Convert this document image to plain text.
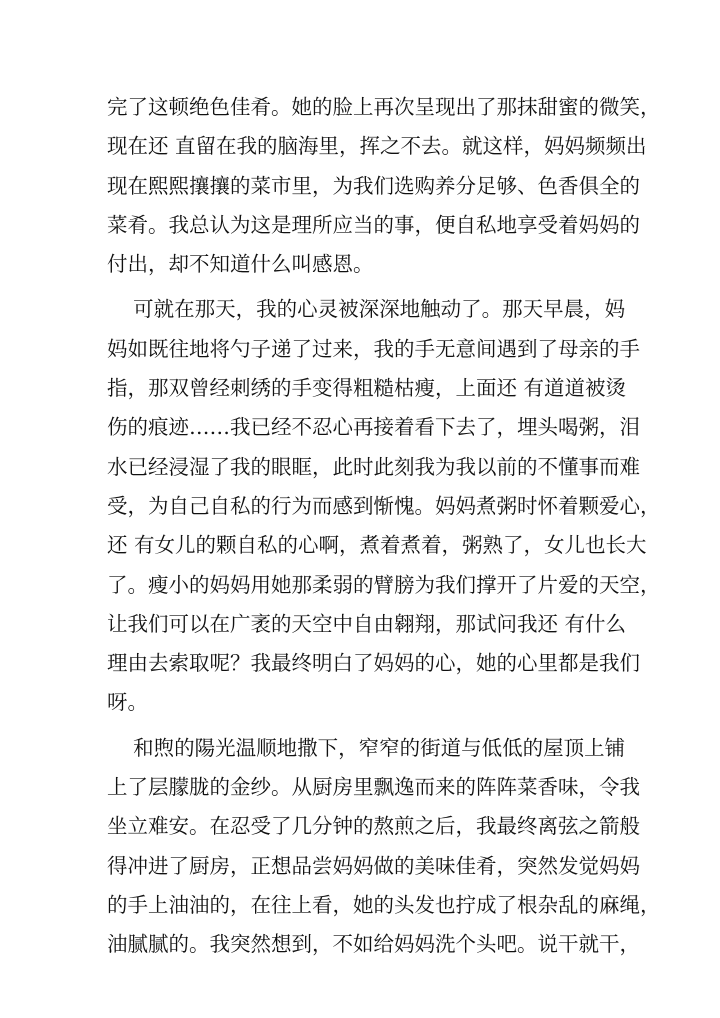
完了这顿绝色佳肴。她的脸上再次呈现出了那抹甜蜜的微笑，
现在还 直留在我的脑海里，挥之不去。就这样，妈妈频频出
现在熙熙攘攘的菜市里，为我们选购养分足够、色香俱全的
菜肴。我总认为这是理所应当的事，便自私地享受着妈妈的
付出，却不知道什么叫感恩。
可就在那天，我的心灵被深深地触动了。那天早晨，妈
妈如既往地将勺子递了过来，我的手无意间遇到了母亲的手
指，那双曾经刺绣的手变得粗糙枯瘦，上面还 有道道被烫
伤的痕迹……我已经不忍心再接着看下去了，埋头喝粥，泪
水已经浸湿了我的眼眶，此时此刻我为我以前的不懂事而难
受，为自己自私的行为而感到惭愧。妈妈煮粥时怀着颗爱心，
还 有女儿的颗自私的心啊，煮着煮着，粥熟了，女儿也长大
了。瘦小的妈妈用她那柔弱的臂膀为我们撑开了片爱的天空，
让我们可以在广袤的天空中自由翱翔，那试问我还 有什么
理由去索取呢？我最终明白了妈妈的心，她的心里都是我们
呀。
和煦的陽光温顺地撒下，窄窄的街道与低低的屋顶上铺
上了层朦胧的金纱。从厨房里飘逸而来的阵阵菜香味，令我
坐立难安。在忍受了几分钟的熬煎之后，我最终离弦之箭般
得冲进了厨房，正想品尝妈妈做的美味佳肴，突然发觉妈妈
的手上油油的，在往上看，她的头发也拧成了根杂乱的麻绳，
油腻腻的。我突然想到，不如给妈妈洗个头吧。说干就干，
